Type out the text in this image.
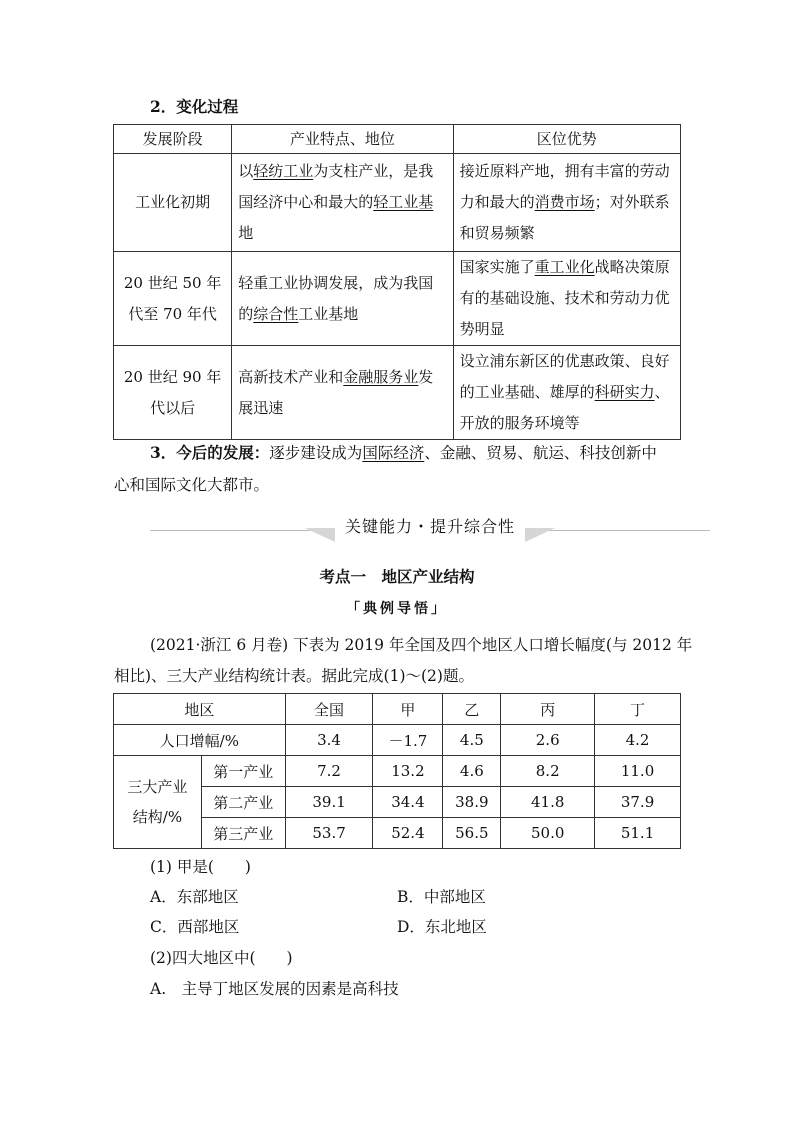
2．变化过程
发展阶段	产业特点、地位	区位优势
工业化初期	以轻纺工业为支柱产业，是我国经济中心和最大的轻工业基地	接近原料产地，拥有丰富的劳动力和最大的消费市场；对外联系和贸易频繁
20 世纪 50 年代至 70 年代	轻重工业协调发展，成为我国的综合性工业基地	国家实施了重工业化战略决策原有的基础设施、技术和劳动力优势明显
20 世纪 90 年代以后	高新技术产业和金融服务业发展迅速	设立浦东新区的优惠政策、良好的工业基础、雄厚的科研实力、开放的服务环境等
3．今后的发展：逐步建设成为国际经济、金融、贸易、航运、科技创新中
心和国际文化大都市。
关键能力・提升综合性
考点一　地区产业结构
「典例导悟」
(2021·浙江 6 月卷) 下表为 2019 年全国及四个地区人口增长幅度(与 2012 年
相比)、三大产业结构统计表。据此完成(1)～(2)题。
地区		全国	甲	乙	丙	丁
人口增幅/%		3.4	－1.7	4.5	2.6	4.2
三大产业
结构/%	第一产业	7.2	13.2	4.6	8.2	11.0
	第二产业	39.1	34.4	38.9	41.8	37.9
	第三产业	53.7	52.4	56.5	50.0	51.1
(1) 甲是(　　)
A．东部地区	B．中部地区
C．西部地区	D．东北地区
(2)四大地区中(　　)
A.　主导丁地区发展的因素是高科技
